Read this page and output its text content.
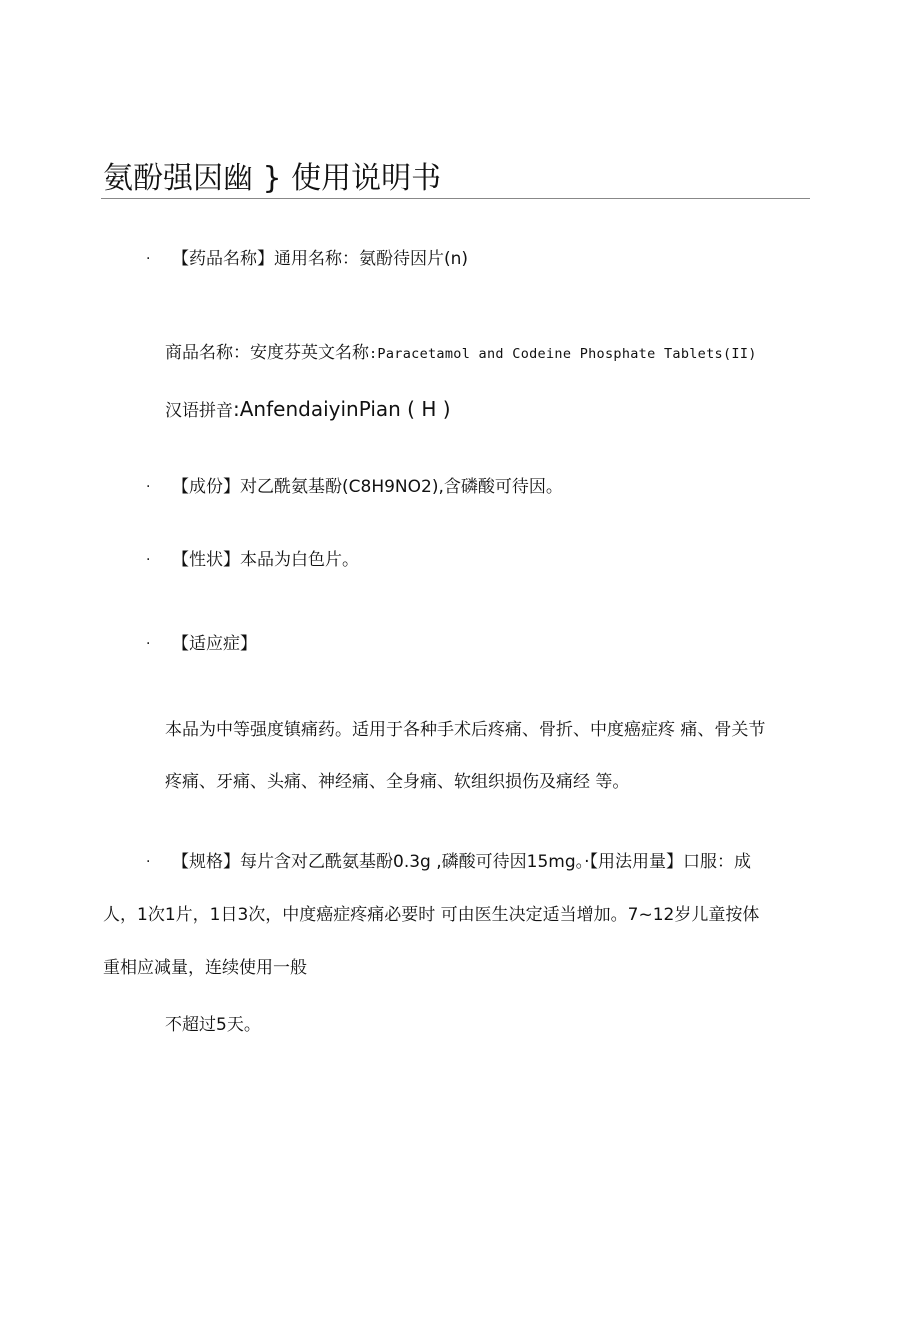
氨酚强因幽 } 使用说明书
· 【药品名称】通用名称：氨酚待因片(n)
商品名称：安度芬英文名称:Paracetamol and Codeine Phosphate Tablets(II)
汉语拼音:AnfendaiyinPian ( H )
· 【成份】对乙酰氨基酚(C8H9NO2),含磷酸可待因。
· 【性状】本品为白色片。
· 【适应症】
本品为中等强度镇痛药。适用于各种手术后疼痛、骨折、中度癌症疼 痛、骨关节
疼痛、牙痛、头痛、神经痛、全身痛、软组织损伤及痛经 等。
· 【规格】每片含对乙酰氨基酚0.3g ,磷酸可待因15mg。·【用法用量】口服：成
人，1次1片，1日3次，中度癌症疼痛必要时 可由医生决定适当增加。7~12岁儿童按体
重相应减量，连续使用一般
不超过5天。
